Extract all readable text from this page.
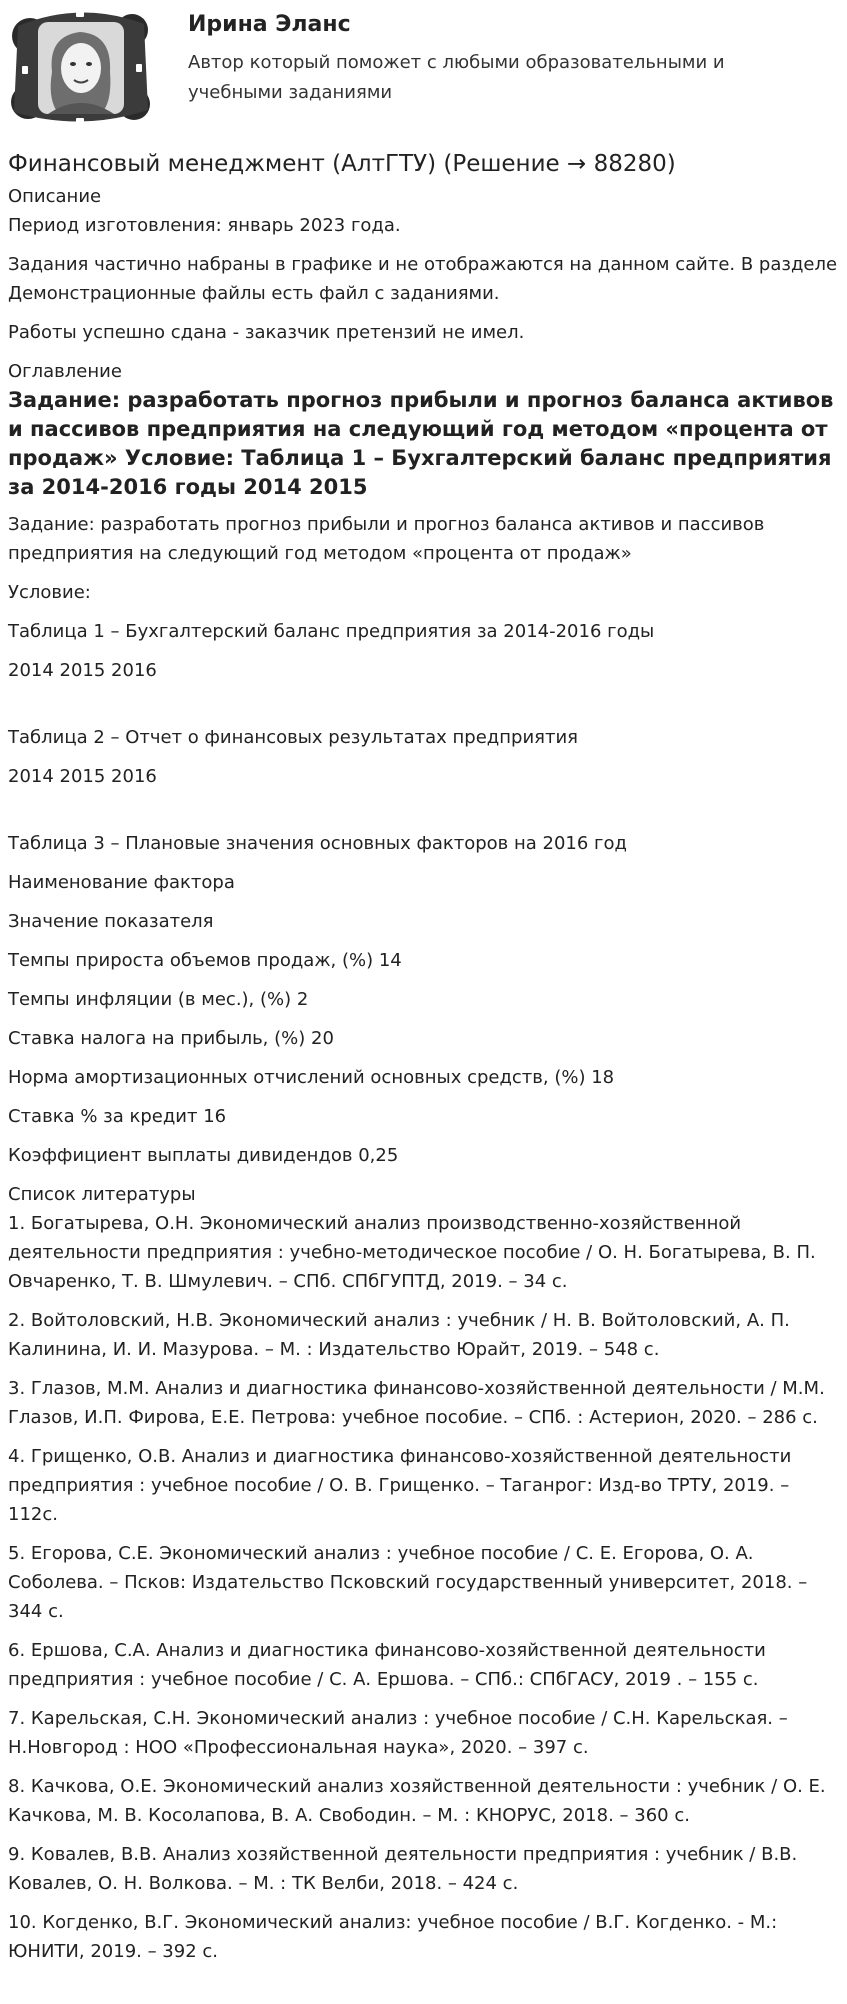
Ирина Эланс
Автор который поможет с любыми образовательными и учебными заданиями
Финансовый менеджмент (АлтГТУ) (Решение → 88280)
Описание

Период изготовления: январь 2023 года.

Задания частично набраны в графике и не отображаются на данном сайте. В разделе Демонстрационные файлы есть файл с заданиями.

Работы успешно сдана - заказчик претензий не имел.

Оглавление
Задание: разработать прогноз прибыли и прогноз баланса активов и пассивов предприятия на следующий год методом «процента от продаж» Условие: Таблица 1 – Бухгалтерский баланс предприятия за 2014-2016 годы 2014 2015

Задание: разработать прогноз прибыли и прогноз баланса активов и пассивов предприятия на следующий год методом «процента от продаж»

Условие:

Таблица 1 – Бухгалтерский баланс предприятия за 2014-2016 годы

2014 2015 2016

Таблица 2 – Отчет о финансовых результатах предприятия

2014 2015 2016

Таблица 3 – Плановые значения основных факторов на 2016 год

Наименование фактора

Значение показателя

Темпы прироста объемов продаж, (%) 14

Темпы инфляции (в мес.), (%) 2

Ставка налога на прибыль, (%) 20

Норма амортизационных отчислений основных средств, (%) 18

Ставка % за кредит 16

Коэффициент выплаты дивидендов 0,25

Список литературы

1. Богатырева, О.Н. Экономический анализ производственно-хозяйственной деятельности предприятия : учебно-методическое пособие / О. Н. Богатырева, В. П. Овчаренко, Т. В. Шмулевич. – СПб. СПбГУПТД, 2019. – 34 с.

2. Войтоловский, Н.В. Экономический анализ : учебник / Н. В. Войтоловский, А. П. Калинина, И. И. Мазурова. – М. : Издательство Юрайт, 2019. – 548 с.

3. Глазов, М.М. Анализ и диагностика финансово-хозяйственной деятельности / М.М. Глазов, И.П. Фирова, Е.Е. Петрова: учебное пособие. – СПб. : Астерион, 2020. – 286 с.

4. Грищенко, О.В. Анализ и диагностика финансово-хозяйственной деятельности предприятия : учебное пособие / О. В. Грищенко. – Таганрог: Изд-во ТРТУ, 2019. – 112с.

5. Егорова, С.Е. Экономический анализ : учебное пособие / С. Е. Егорова, О. А. Соболева. – Псков: Издательство Псковский государственный университет, 2018. – 344 с.

6. Ершова, С.А. Анализ и диагностика финансово-хозяйственной деятельности предприятия : учебное пособие / С. А. Ершова. – СПб.: СПбГАСУ, 2019 . – 155 с.

7. Карельская, С.Н. Экономический анализ : учебное пособие / С.Н. Карельская. – Н.Новгород : НОО «Профессиональная наука», 2020. – 397 с.

8. Качкова, О.Е. Экономический анализ хозяйственной деятельности : учебник / О. Е. Качкова, М. В. Косолапова, В. А. Свободин. – М. : КНОРУС, 2018. – 360 с.

9. Ковалев, В.В. Анализ хозяйственной деятельности предприятия : учебник / В.В. Ковалев, О. Н. Волкова. – М. : ТК Велби, 2018. – 424 с.

10. Когденко, В.Г. Экономический анализ: учебное пособие / В.Г. Когденко. - М.: ЮНИТИ, 2019. – 392 с.
